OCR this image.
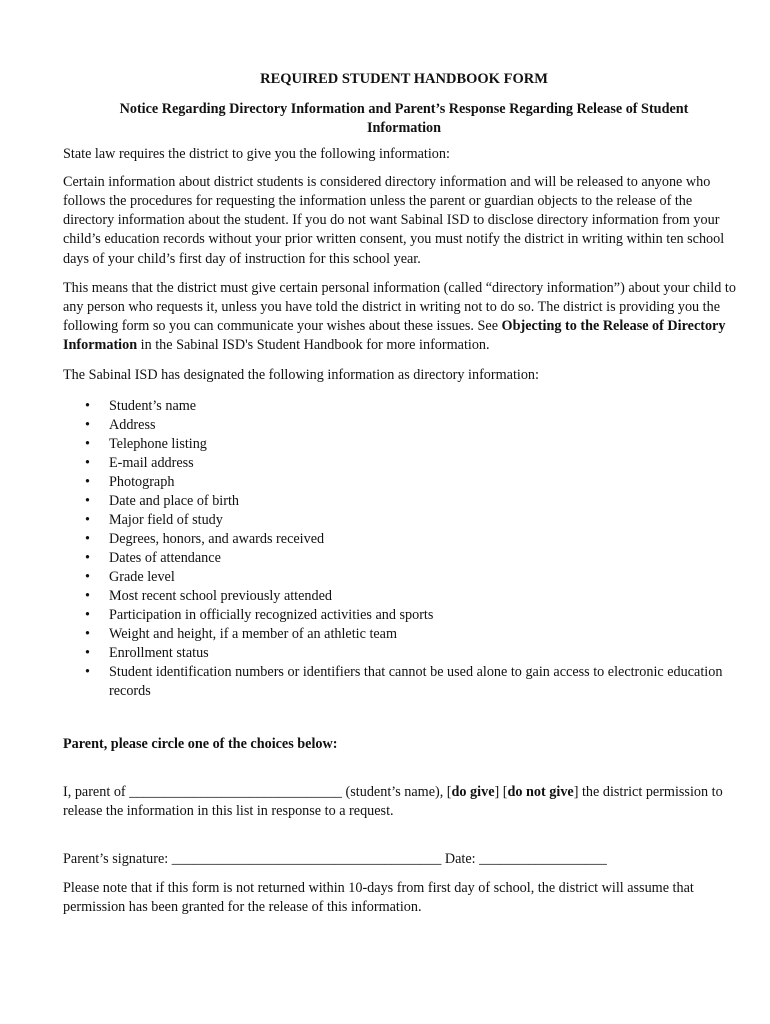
REQUIRED STUDENT HANDBOOK FORM
Notice Regarding Directory Information and Parent’s Response Regarding Release of Student Information

State law requires the district to give you the following information:

Certain information about district students is considered directory information and will be released to anyone who follows the procedures for requesting the information unless the parent or guardian objects to the release of the directory information about the student. If you do not want Sabinal ISD to disclose directory information from your child’s education records without your prior written consent, you must notify the district in writing within ten school days of your child’s first day of instruction for this school year.

This means that the district must give certain personal information (called “directory information”) about your child to any person who requests it, unless you have told the district in writing not to do so. The district is providing you the following form so you can communicate your wishes about these issues. See Objecting to the Release of Directory Information in the Sabinal ISD's Student Handbook for more information.

The Sabinal ISD has designated the following information as directory information:

• Student’s name
• Address
• Telephone listing
• E-mail address
• Photograph
• Date and place of birth
• Major field of study
• Degrees, honors, and awards received
• Dates of attendance
• Grade level
• Most recent school previously attended
• Participation in officially recognized activities and sports
• Weight and height, if a member of an athletic team
• Enrollment status
• Student identification numbers or identifiers that cannot be used alone to gain access to electronic education records

Parent, please circle one of the choices below:

I, parent of ______________________________ (student’s name), [do give] [do not give] the district permission to release the information in this list in response to a request.

Parent’s signature: ______________________________________ Date: __________________

Please note that if this form is not returned within 10-days from first day of school, the district will assume that permission has been granted for the release of this information.
